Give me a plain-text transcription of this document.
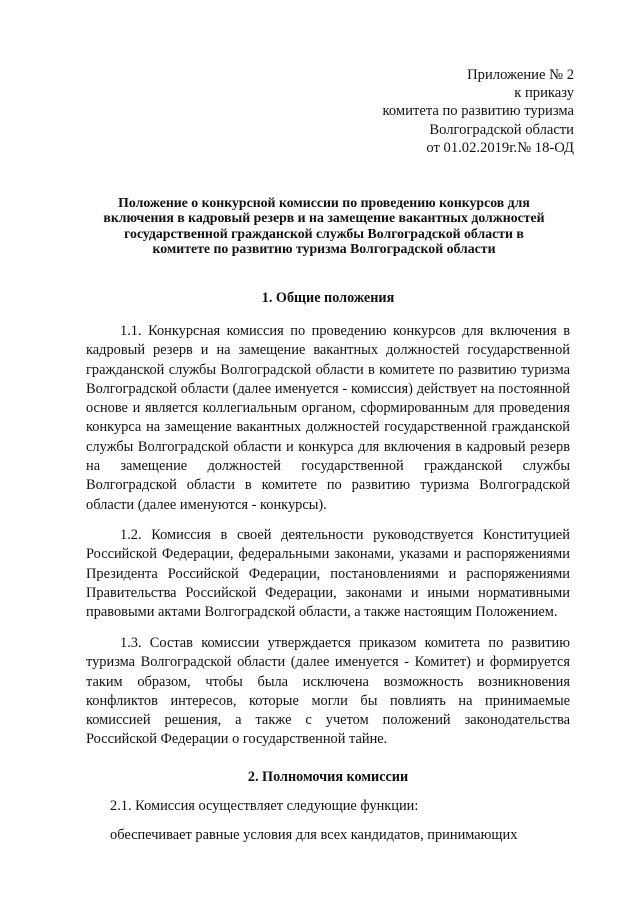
Приложение № 2
к приказу
комитета по развитию туризма
Волгоградской области
от 01.02.2019г.№ 18-ОД
Положение о конкурсной комиссии по проведению конкурсов для включения в кадровый резерв и на замещение вакантных должностей государственной гражданской службы Волгоградской области в комитете по развитию туризма Волгоградской области
1. Общие положения
1.1. Конкурсная комиссия по проведению конкурсов для включения в кадровый резерв и на замещение вакантных должностей государственной гражданской службы Волгоградской области в комитете по развитию туризма Волгоградской области (далее именуется - комиссия) действует на постоянной основе и является коллегиальным органом, сформированным для проведения конкурса на замещение вакантных должностей государственной гражданской службы Волгоградской области и конкурса для включения в кадровый резерв на замещение должностей государственной гражданской службы Волгоградской области в комитете по развитию туризма Волгоградской области (далее именуются - конкурсы).
1.2. Комиссия в своей деятельности руководствуется Конституцией Российской Федерации, федеральными законами, указами и распоряжениями Президента Российской Федерации, постановлениями и распоряжениями Правительства Российской Федерации, законами и иными нормативными правовыми актами Волгоградской области, а также настоящим Положением.
1.3. Состав комиссии утверждается приказом комитета по развитию туризма Волгоградской области (далее именуется - Комитет) и формируется таким образом, чтобы была исключена возможность возникновения конфликтов интересов, которые могли бы повлиять на принимаемые комиссией решения, а также с учетом положений законодательства Российской Федерации о государственной тайне.
2. Полномочия комиссии
2.1. Комиссия осуществляет следующие функции:
обеспечивает равные условия для всех кандидатов, принимающих
